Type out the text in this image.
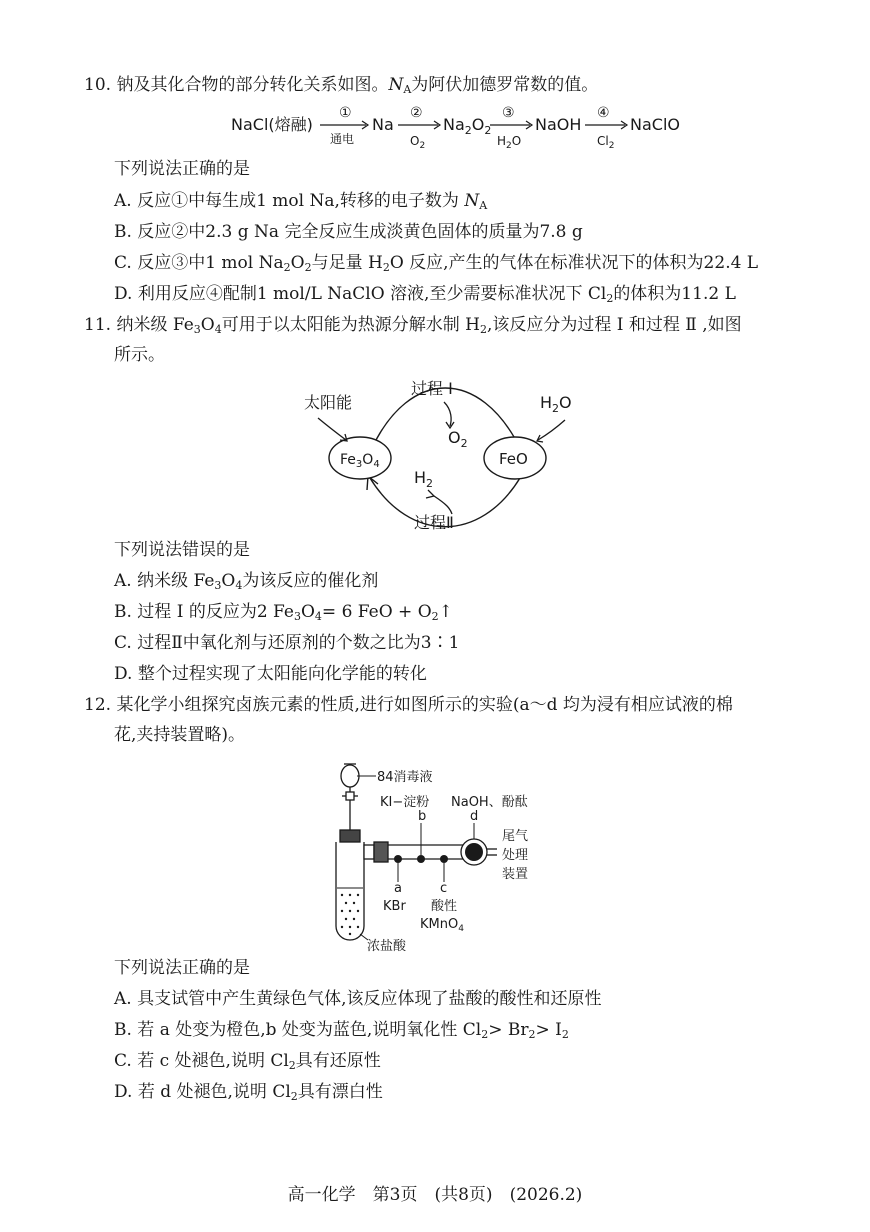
10. 钠及其化合物的部分转化关系如图。$N_A$为阿伏加德罗常数的值。
NaCl(熔融)
①
通电
Na
②
$O_2$
$Na_2O_2$
③
$H_2O$
NaOH
④
$Cl_2$
NaClO
下列说法正确的是
A. 反应①中每生成1 mol Na,转移的电子数为 $N_A$
B. 反应②中2.3 g Na 完全反应生成淡黄色固体的质量为7.8 g
C. 反应③中1 mol $Na_2O_2$与足量 $H_2O$ 反应,产生的气体在标准状况下的体积为22.4 L
D. 利用反应④配制1 mol/L NaClO 溶液,至少需要标准状况下 $Cl_2$的体积为11.2 L
11. 纳米级 $Fe_3O_4$可用于以太阳能为热源分解水制 $H_2$,该反应分为过程 Ⅰ 和过程 Ⅱ ,如图
所示。
$Fe_3O_4$	FeO
太阳能	$H_2O$
过程 Ⅰ
$O_2$
$H_2$
过程Ⅱ
下列说法错误的是
A. 纳米级 $Fe_3O_4$为该反应的催化剂
B. 过程 Ⅰ 的反应为2 $Fe_3O_4= 6$ FeO + $O_2↑$
C. 过程Ⅱ中氧化剂与还原剂的个数之比为3∶1
D. 整个过程实现了太阳能向化学能的转化
12. 某化学小组探究卤族元素的性质,进行如图所示的实验(a～d 均为浸有相应试液的棉
花,夹持装置略)。
84消毒液
KI−淀粉
b
NaOH、酚酞
d
尾气
处理
装置
a
KBr
c
酸性
KMnO$_4$
浓盐酸
下列说法正确的是
A. 具支试管中产生黄绿色气体,该反应体现了盐酸的酸性和还原性
B. 若 a 处变为橙色,b 处变为蓝色,说明氧化性 $Cl_2> Br_2> I_2$
C. 若 c 处褪色,说明 $Cl_2$具有还原性
D. 若 d 处褪色,说明 $Cl_2$具有漂白性
高一化学　第3页　(共8页)　(2026.2)
